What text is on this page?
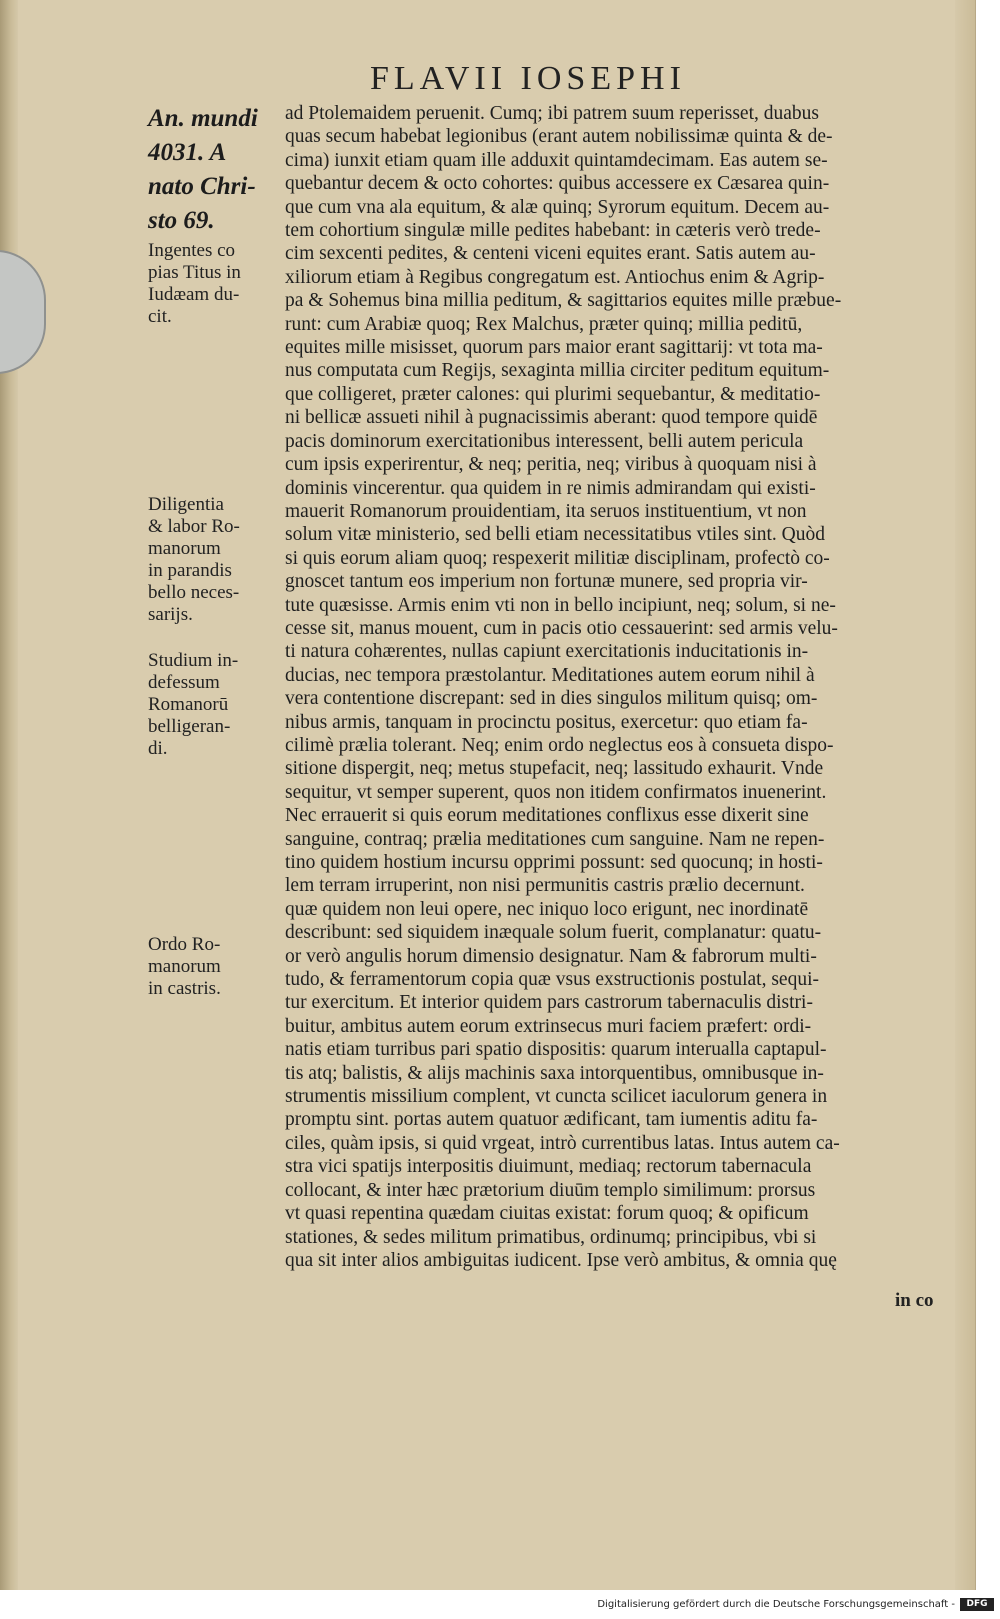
FLAVII IOSEPHI
An. mundi
4031. A
nato Chri-
sto 69.
Ingentes co
pias Titus in
Iudæam du-
cit.
Diligentia
& labor Ro-
manorum
in parandis
bello neces-
sarijs.
Studium in-
defessum
Romanorū
belligeran-
di.
Ordo Ro-
manorum
in castris.
ad Ptolemaidem peruenit. Cumq; ibi patrem suum reperisset, duabus
quas secum habebat legionibus (erant autem nobilissimæ quinta & de-
cima) iunxit etiam quam ille adduxit quintamdecimam. Eas autem se-
quebantur decem & octo cohortes: quibus accessere ex Cæsarea quin-
que cum vna ala equitum, & alæ quinq; Syrorum equitum. Decem au-
tem cohortium singulæ mille pedites habebant: in cæteris verò trede-
cim sexcenti pedites, & centeni viceni equites erant. Satis autem au-
xiliorum etiam à Regibus congregatum est. Antiochus enim & Agrip-
pa & Sohemus bina millia peditum, & sagittarios equites mille præbue-
runt: cum Arabiæ quoq; Rex Malchus, præter quinq; millia peditū,
equites mille misisset, quorum pars maior erant sagittarij: vt tota ma-
nus computata cum Regijs, sexaginta millia circiter peditum equitum-
que colligeret, præter calones: qui plurimi sequebantur, & meditatio-
ni bellicæ assueti nihil à pugnacissimis aberant: quod tempore quidē
pacis dominorum exercitationibus interessent, belli autem pericula
cum ipsis experirentur, & neq; peritia, neq; viribus à quoquam nisi à
dominis vincerentur. qua quidem in re nimis admirandam qui existi-
mauerit Romanorum prouidentiam, ita seruos instituentium, vt non
solum vitæ ministerio, sed belli etiam necessitatibus vtiles sint. Quòd
si quis eorum aliam quoq; respexerit militiæ disciplinam, profectò co-
gnoscet tantum eos imperium non fortunæ munere, sed propria vir-
tute quæsisse. Armis enim vti non in bello incipiunt, neq; solum, si ne-
cesse sit, manus mouent, cum in pacis otio cessauerint: sed armis velu-
ti natura cohærentes, nullas capiunt exercitationis inducitationis in-
ducias, nec tempora præstolantur. Meditationes autem eorum nihil à
vera contentione discrepant: sed in dies singulos militum quisq; om-
nibus armis, tanquam in procinctu positus, exercetur: quo etiam fa-
cilimè prælia tolerant. Neq; enim ordo neglectus eos à consueta dispo-
sitione dispergit, neq; metus stupefacit, neq; lassitudo exhaurit. Vnde
sequitur, vt semper superent, quos non itidem confirmatos inuenerint.
Nec errauerit si quis eorum meditationes conflixus esse dixerit sine
sanguine, contraq; prælia meditationes cum sanguine. Nam ne repen-
tino quidem hostium incursu opprimi possunt: sed quocunq; in hosti-
lem terram irruperint, non nisi permunitis castris prælio decernunt.
quæ quidem non leui opere, nec iniquo loco erigunt, nec inordinatē
describunt: sed siquidem inæquale solum fuerit, complanatur: quatu-
or verò angulis horum dimensio designatur. Nam & fabrorum multi-
tudo, & ferramentorum copia quæ vsus exstructionis postulat, sequi-
tur exercitum. Et interior quidem pars castrorum tabernaculis distri-
buitur, ambitus autem eorum extrinsecus muri faciem præfert: ordi-
natis etiam turribus pari spatio dispositis: quarum interualla captapul-
tis atq; balistis, & alijs machinis saxa intorquentibus, omnibusque in-
strumentis missilium complent, vt cuncta scilicet iaculorum genera in
promptu sint. portas autem quatuor ædificant, tam iumentis aditu fa-
ciles, quàm ipsis, si quid vrgeat, intrò currentibus latas. Intus autem ca-
stra vici spatijs interpositis diuimunt, mediaq; rectorum tabernacula
collocant, & inter hæc prætorium diuūm templo similimum: prorsus
vt quasi repentina quædam ciuitas existat: forum quoq; & opificum
stationes, & sedes militum primatibus, ordinumq; principibus, vbi si
qua sit inter alios ambiguitas iudicent. Ipse verò ambitus, & omnia quę
in co
Digitalisierung gefördert durch die Deutsche Forschungsgemeinschaft -	DFG
